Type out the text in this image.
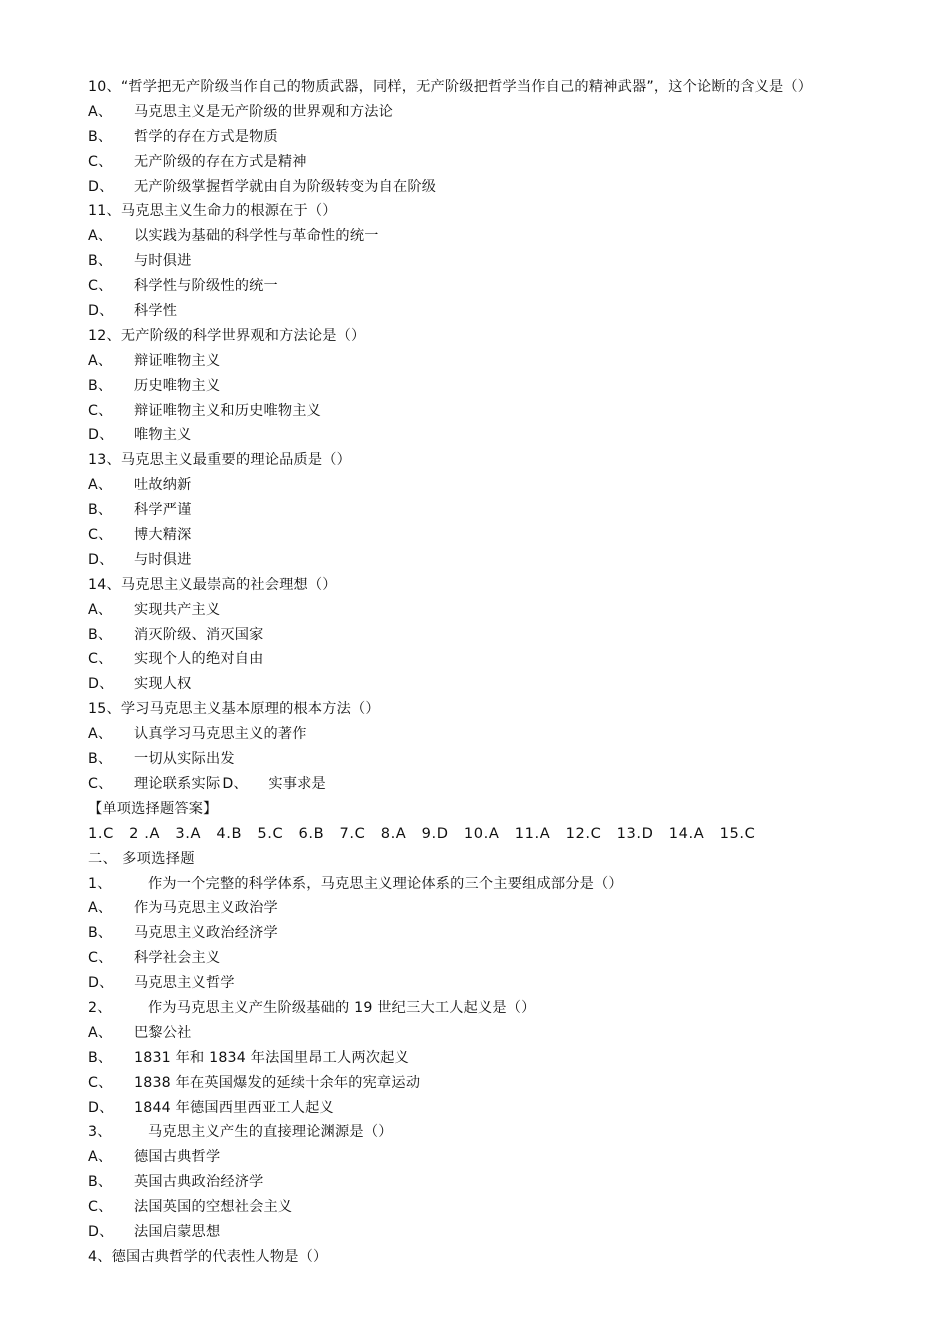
10、“哲学把无产阶级当作自己的物质武器，同样，无产阶级把哲学当作自己的精神武器”，这个论断的含义是（）
A、 马克思主义是无产阶级的世界观和方法论
B、 哲学的存在方式是物质
C、 无产阶级的存在方式是精神
D、 无产阶级掌握哲学就由自为阶级转变为自在阶级
11、马克思主义生命力的根源在于（）
A、 以实践为基础的科学性与革命性的统一
B、 与时俱进
C、 科学性与阶级性的统一
D、 科学性
12、无产阶级的科学世界观和方法论是（）
A、 辩证唯物主义
B、 历史唯物主义
C、 辩证唯物主义和历史唯物主义
D、 唯物主义
13、马克思主义最重要的理论品质是（）
A、 吐故纳新
B、 科学严谨
C、 博大精深
D、 与时俱进
14、马克思主义最崇高的社会理想（）
A、 实现共产主义
B、 消灭阶级、消灭国家
C、 实现个人的绝对自由
D、 实现人权
15、学习马克思主义基本原理的根本方法（）
A、 认真学习马克思主义的著作
B、 一切从实际出发
C、 理论联系实际 D、 实事求是
【单项选择题答案】
1.C 2 .A 3.A 4.B 5.C 6.B 7.C 8.A 9.D 10.A 11.A 12.C 13.D 14.A 15.C
二、 多项选择题
1、	作为一个完整的科学体系，马克思主义理论体系的三个主要组成部分是（）
A、 作为马克思主义政治学
B、 马克思主义政治经济学
C、 科学社会主义
D、 马克思主义哲学
2、	作为马克思主义产生阶级基础的 19 世纪三大工人起义是（）
A、 巴黎公社
B、 1831 年和 1834 年法国里昂工人两次起义
C、 1838 年在英国爆发的延续十余年的宪章运动
D、 1844 年德国西里西亚工人起义
3、	马克思主义产生的直接理论渊源是（）
A、 德国古典哲学
B、 英国古典政治经济学
C、 法国英国的空想社会主义
D、 法国启蒙思想
4、德国古典哲学的代表性人物是（）
